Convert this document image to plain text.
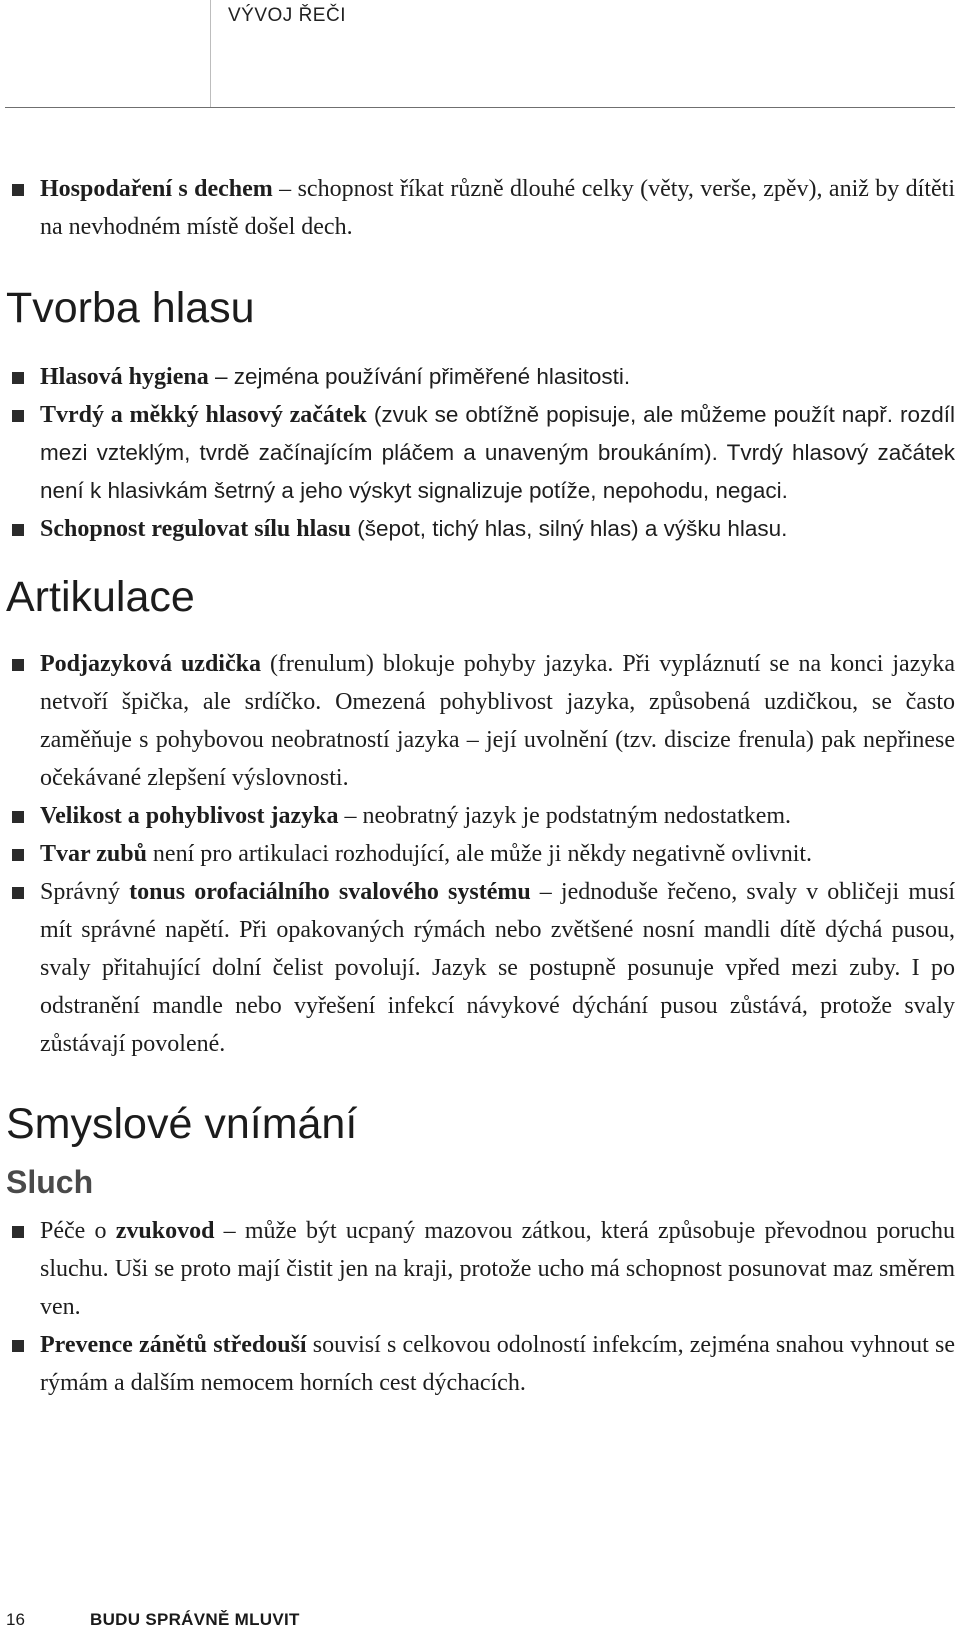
VÝVOJ ŘEČI
Hospodaření s dechem – schopnost říkat různě dlouhé celky (věty, verše, zpěv), aniž by dítěti na nevhodném místě došel dech.
Tvorba hlasu
Hlasová hygiena – zejména používání přiměřené hlasitosti.
Tvrdý a měkký hlasový začátek (zvuk se obtížně popisuje, ale můžeme použít např. rozdíl mezi vzteklým, tvrdě začínajícím pláčem a unaveným broukáním). Tvrdý hlasový začátek není k hlasivkám šetrný a jeho výskyt signalizuje potíže, nepohodu, negaci.
Schopnost regulovat sílu hlasu (šepot, tichý hlas, silný hlas) a výšku hlasu.
Artikulace
Podjazyková uzdička (frenulum) blokuje pohyby jazyka. Při vypláznutí se na konci jazyka netvoří špička, ale srdíčko. Omezená pohyblivost jazyka, způsobená uzdičkou, se často zaměňuje s pohybovou neobratností jazyka – její uvolnění (tzv. discize frenula) pak nepřinese očekávané zlepšení výslovnosti.
Velikost a pohyblivost jazyka – neobratný jazyk je podstatným nedostatkem.
Tvar zubů není pro artikulaci rozhodující, ale může ji někdy negativně ovlivnit.
Správný tonus orofaciálního svalového systému – jednoduše řečeno, svaly v obličeji musí mít správné napětí. Při opakovaných rýmách nebo zvětšené nosní mandli dítě dýchá pusou, svaly přitahující dolní čelist povolují. Jazyk se postupně posunuje vpřed mezi zuby. I po odstranění mandle nebo vyřešení infekcí návykové dýchání pusou zůstává, protože svaly zůstávají povolené.
Smyslové vnímání
Sluch
Péče o zvukovod – může být ucpaný mazovou zátkou, která způsobuje převodnou poruchu sluchu. Uši se proto mají čistit jen na kraji, protože ucho má schopnost posunovat maz směrem ven.
Prevence zánětů středouší souvisí s celkovou odolností infekcím, zejména snahou vyhnout se rýmám a dalším nemocem horních cest dýchacích.
16	BUDU SPRÁVNĚ MLUVIT
